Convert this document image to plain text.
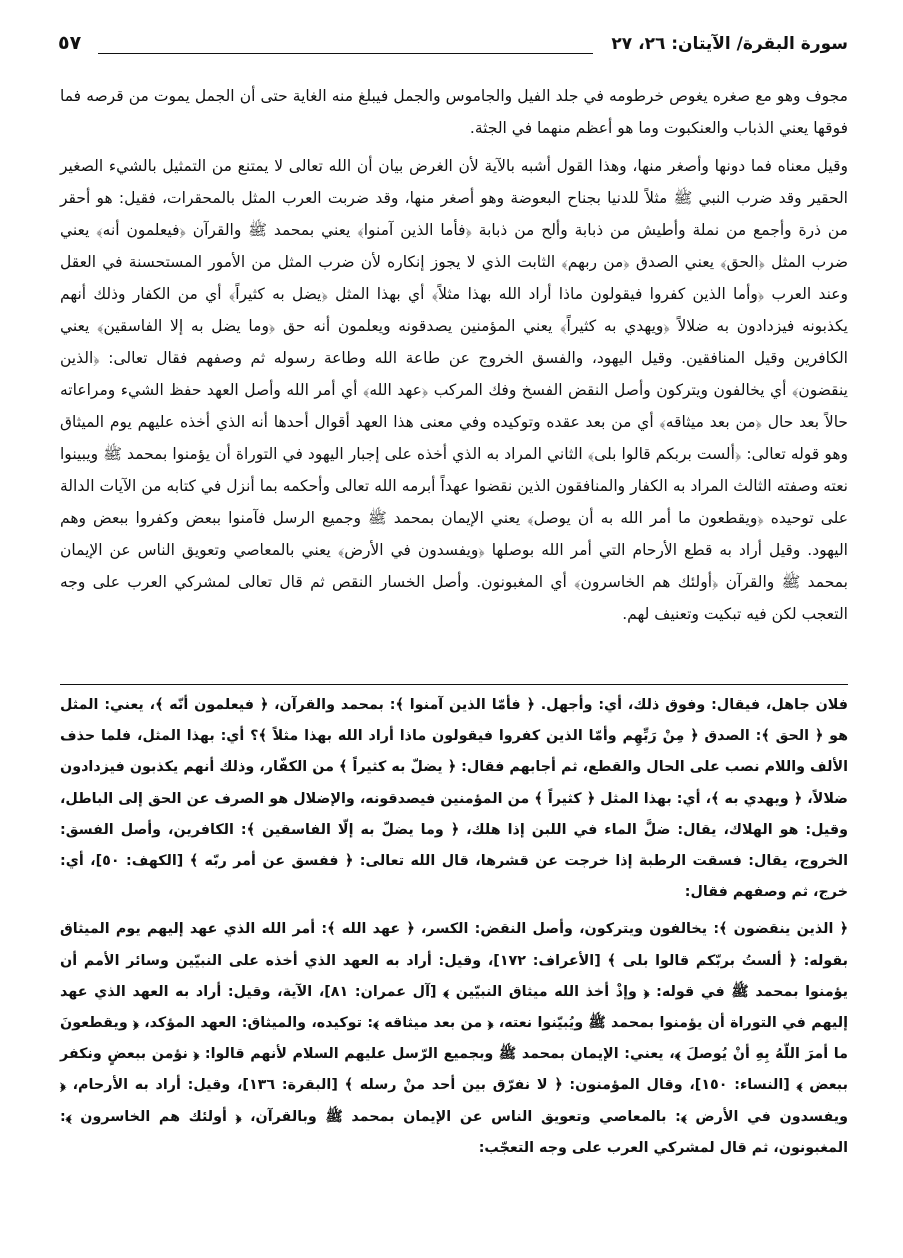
سورة البقرة/ الآيتان: ٢٦، ٢٧
٥٧

مجوف وهو مع صغره يغوص خرطومه في جلد الفيل والجاموس والجمل فيبلغ منه الغاية حتى أن الجمل يموت من قرصه فما فوقها يعني الذباب والعنكبوت وما هو أعظم منهما في الجثة.

وقيل معناه فما دونها وأصغر منها، وهذا القول أشبه بالآية لأن الغرض بيان أن الله تعالى لا يمتنع من التمثيل بالشيء الصغير الحقير وقد ضرب النبي ﷺ مثلاً للدنيا بجناح البعوضة وهو أصغر منها، وقد ضربت العرب المثل بالمحقرات، فقيل: هو أحقر من ذرة وأجمع من نملة وأطيش من ذبابة وألح من ذبابة ﴿فأما الذين آمنوا﴾ يعني بمحمد ﷺ والقرآن ﴿فيعلمون أنه﴾ يعني ضرب المثل ﴿الحق﴾ يعني الصدق ﴿من ربهم﴾ الثابت الذي لا يجوز إنكاره لأن ضرب المثل من الأمور المستحسنة في العقل وعند العرب ﴿وأما الذين كفروا فيقولون ماذا أراد الله بهذا مثلاً﴾ أي بهذا المثل ﴿يضل به كثيراً﴾ أي من الكفار وذلك أنهم يكذبونه فيزدادون به ضلالاً ﴿ويهدي به كثيراً﴾ يعني المؤمنين يصدقونه ويعلمون أنه حق ﴿وما يضل به إلا الفاسقين﴾ يعني الكافرين وقيل المنافقين. وقيل اليهود، والفسق الخروج عن طاعة الله وطاعة رسوله ثم وصفهم فقال تعالى: ﴿الذين ينقضون﴾ أي يخالفون ويتركون وأصل النقض الفسخ وفك المركب ﴿عهد الله﴾ أي أمر الله وأصل العهد حفظ الشيء ومراعاته حالاً بعد حال ﴿من بعد ميثاقه﴾ أي من بعد عقده وتوكيده وفي معنى هذا العهد أقوال أحدها أنه الذي أخذه عليهم يوم الميثاق وهو قوله تعالى: ﴿ألست بربكم قالوا بلى﴾ الثاني المراد به الذي أخذه على إجبار اليهود في التوراة أن يؤمنوا بمحمد ﷺ ويبينوا نعته وصفته الثالث المراد به الكفار والمنافقون الذين نقضوا عهداً أبرمه الله تعالى وأحكمه بما أنزل في كتابه من الآيات الدالة على توحيده ﴿ويقطعون ما أمر الله به أن يوصل﴾ يعني الإيمان بمحمد ﷺ وجميع الرسل فآمنوا ببعض وكفروا ببعض وهم اليهود. وقيل أراد به قطع الأرحام التي أمر الله بوصلها ﴿ويفسدون في الأرض﴾ يعني بالمعاصي وتعويق الناس عن الإيمان بمحمد ﷺ والقرآن ﴿أولئك هم الخاسرون﴾ أي المغبونون. وأصل الخسار النقص ثم قال تعالى لمشركي العرب على وجه التعجب لكن فيه تبكيت وتعنيف لهم.

فلان جاهل، فيقال: وفوق ذلك، أي: وأجهل. ﴿ فأمّا الذين آمنوا ﴾: بمحمد والقرآن، ﴿ فيعلمون أنّه ﴾، يعني: المثل هو ﴿ الحق ﴾: الصدق ﴿ مِنْ رَبِّهِم وأمّا الذين كفروا فيقولون ماذا أراد الله بهذا مثلاً ﴾؟ أي: بهذا المثل، فلما حذف الألف واللام نصب على الحال والقطع، ثم أجابهم فقال: ﴿ يضلّ به كثيراً ﴾ من الكفّار، وذلك أنهم يكذبون فيزدادون ضلالاً، ﴿ ويهدي به ﴾، أي: بهذا المثل ﴿ كثيراً ﴾ من المؤمنين فيصدقونه، والإضلال هو الصرف عن الحق إلى الباطل، وقيل: هو الهلاك، يقال: ضلَّ الماء في اللبن إذا هلك، ﴿ وما يضلّ به إلّا الفاسقين ﴾: الكافرين، وأصل الفسق: الخروج، يقال: فسقت الرطبة إذا خرجت عن قشرها، قال الله تعالى: ﴿ ففسق عن أمر ربّه ﴾ [الكهف: ٥٠]، أي: خرج، ثم وصفهم فقال:

﴿ الذين ينقضون ﴾: يخالفون ويتركون، وأصل النقض: الكسر، ﴿ عهد الله ﴾: أمر الله الذي عهد إليهم يوم الميثاق بقوله: ﴿ ألستُ بربّكم قالوا بلى ﴾ [الأعراف: ١٧٢]، وقيل: أراد به العهد الذي أخذه على النبيّين وسائر الأمم أن يؤمنوا بمحمد ﷺ في قوله: ﴿ وإذْ أخذ الله ميثاق النبيّين ﴾ [آل عمران: ٨١]، الآية، وقيل: أراد به العهد الذي عهد إليهم في التوراة أن يؤمنوا بمحمد ﷺ ويُبيّنوا نعته، ﴿ من بعد ميثاقه ﴾: توكيده، والميثاق: العهد المؤكد، ﴿ ويقطعونَ ما أمرَ اللّهُ بِهِ أنْ يُوصلَ ﴾، يعني: الإيمان بمحمد ﷺ وبجميع الرّسل عليهم السلام لأنهم قالوا: ﴿ نؤمن ببعضٍ ونكفر ببعض ﴾ [النساء: ١٥٠]، وقال المؤمنون: ﴿ لا نفرّق بين أحد منْ رسله ﴾ [البقرة: ١٣٦]، وقيل: أراد به الأرحام، ﴿ ويفسدون في الأرض ﴾: بالمعاصي وتعويق الناس عن الإيمان بمحمد ﷺ وبالقرآن، ﴿ أولئك هم الخاسرون ﴾: المغبونون، ثم قال لمشركي العرب على وجه التعجّب:
